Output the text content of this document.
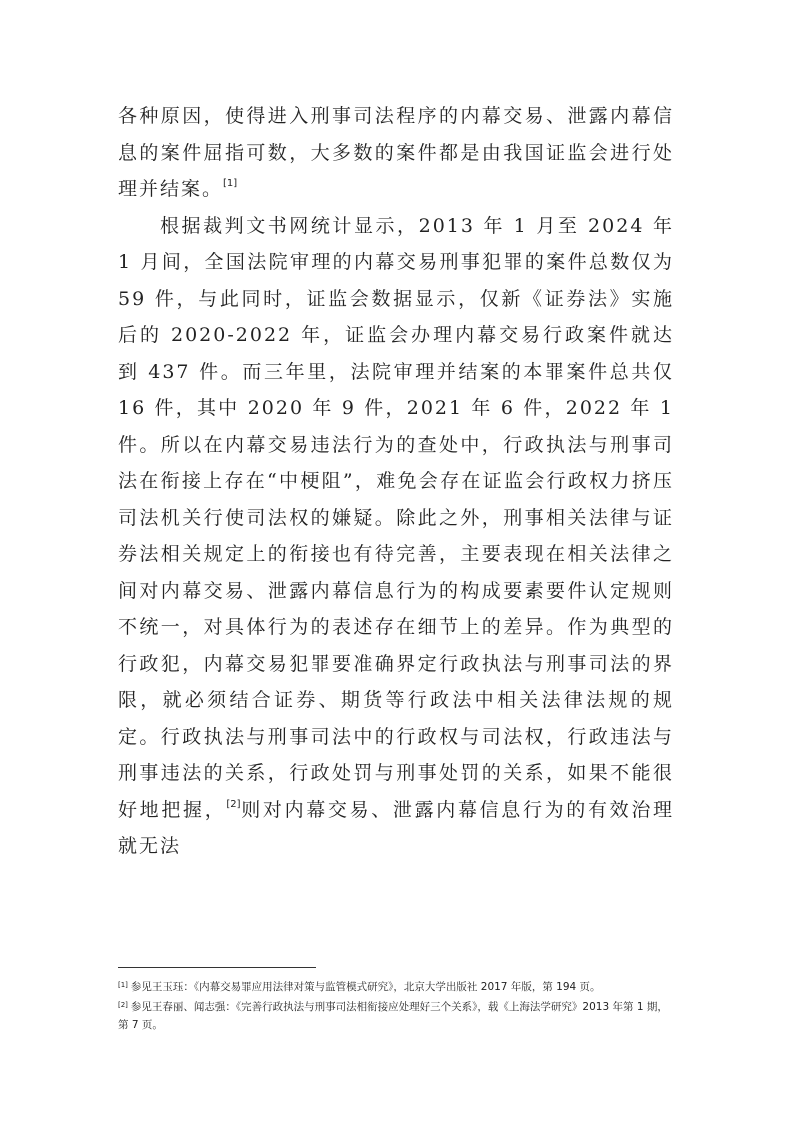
各种原因，使得进入刑事司法程序的内幕交易、泄露内幕信息的案件屈指可数，大多数的案件都是由我国证监会进行处理并结案。[1]

根据裁判文书网统计显示，2013 年 1 月至 2024 年 1 月间，全国法院审理的内幕交易刑事犯罪的案件总数仅为 59 件，与此同时，证监会数据显示，仅新《证券法》实施后的 2020-2022 年，证监会办理内幕交易行政案件就达到 437 件。而三年里，法院审理并结案的本罪案件总共仅 16 件，其中 2020 年 9 件，2021 年 6 件，2022 年 1 件。所以在内幕交易违法行为的查处中，行政执法与刑事司法在衔接上存在“中梗阻”，难免会存在证监会行政权力挤压司法机关行使司法权的嫌疑。除此之外，刑事相关法律与证券法相关规定上的衔接也有待完善，主要表现在相关法律之间对内幕交易、泄露内幕信息行为的构成要素要件认定规则不统一，对具体行为的表述存在细节上的差异。作为典型的行政犯，内幕交易犯罪要准确界定行政执法与刑事司法的界限，就必须结合证券、期货等行政法中相关法律法规的规定。行政执法与刑事司法中的行政权与司法权，行政违法与刑事违法的关系，行政处罚与刑事处罚的关系，如果不能很好地把握，[2]则对内幕交易、泄露内幕信息行为的有效治理就无法

[1] 参见王玉珏：《内幕交易罪应用法律对策与监管模式研究》，北京大学出版社 2017 年版，第 194 页。

[2] 参见王春丽、闻志强：《完善行政执法与刑事司法相衔接应处理好三个关系》，载《上海法学研究》2013 年第 1 期，第 7 页。
